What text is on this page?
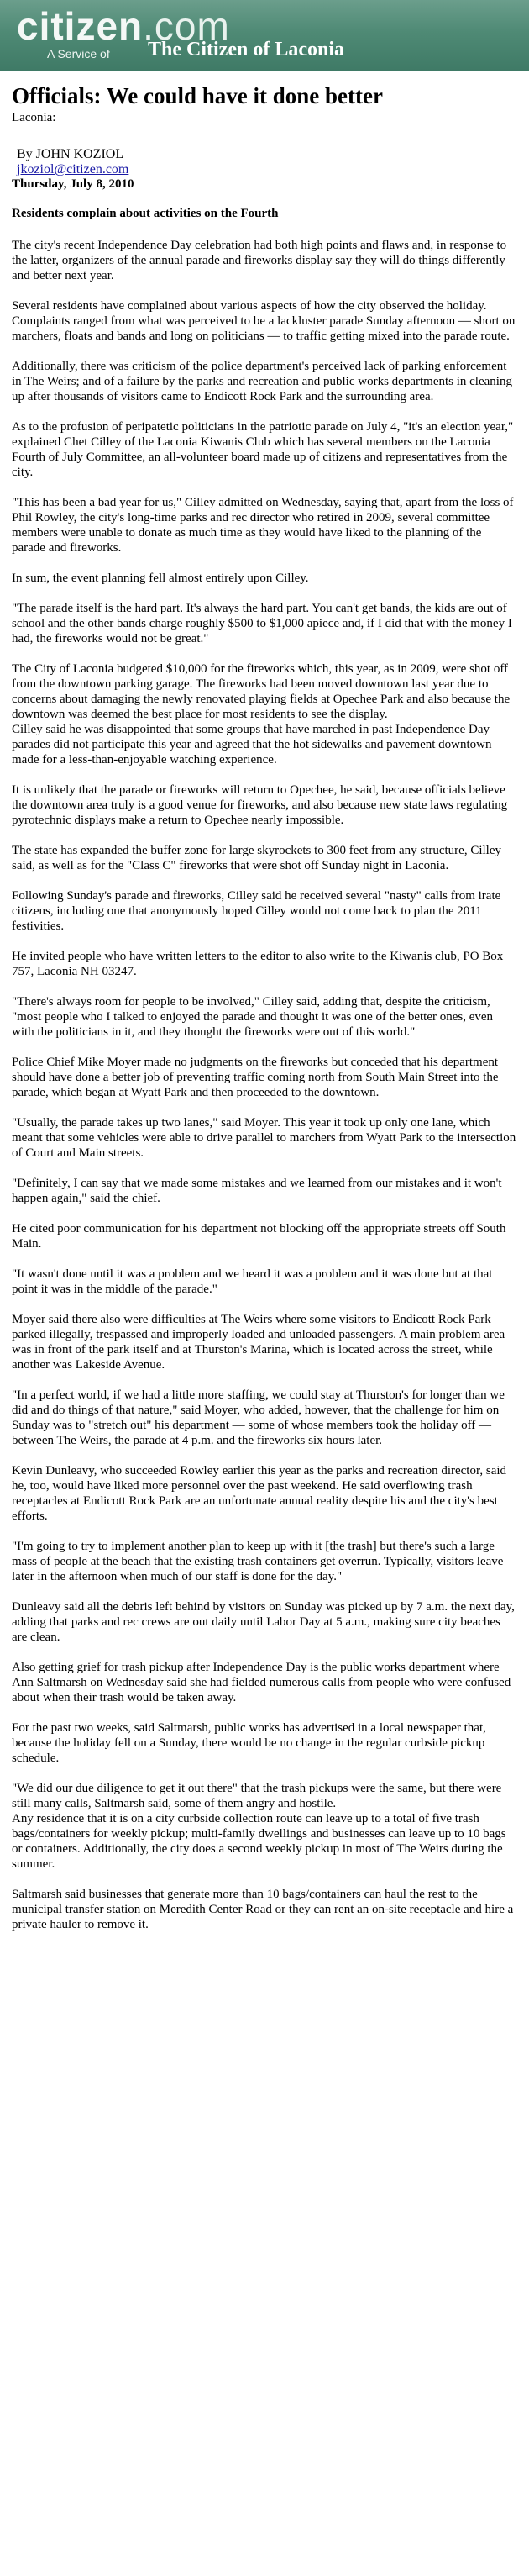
citizen.com
A Service of The Citizen of Laconia
Officials: We could have it done better
Laconia:
By JOHN KOZIOL
jkoziol@citizen.com
Thursday, July 8, 2010
Residents complain about activities on the Fourth

The city's recent Independence Day celebration had both high points and flaws and, in response to the latter, organizers of the annual parade and fireworks display say they will do things differently and better next year.

Several residents have complained about various aspects of how the city observed the holiday. Complaints ranged from what was perceived to be a lackluster parade Sunday afternoon — short on marchers, floats and bands and long on politicians — to traffic getting mixed into the parade route.

Additionally, there was criticism of the police department's perceived lack of parking enforcement in The Weirs; and of a failure by the parks and recreation and public works departments in cleaning up after thousands of visitors came to Endicott Rock Park and the surrounding area.

As to the profusion of peripatetic politicians in the patriotic parade on July 4, "it's an election year," explained Chet Cilley of the Laconia Kiwanis Club which has several members on the Laconia Fourth of July Committee, an all-volunteer board made up of citizens and representatives from the city.

"This has been a bad year for us," Cilley admitted on Wednesday, saying that, apart from the loss of Phil Rowley, the city's long-time parks and rec director who retired in 2009, several committee members were unable to donate as much time as they would have liked to the planning of the parade and fireworks.

In sum, the event planning fell almost entirely upon Cilley.

"The parade itself is the hard part. It's always the hard part. You can't get bands, the kids are out of school and the other bands charge roughly $500 to $1,000 apiece and, if I did that with the money I had, the fireworks would not be great."

The City of Laconia budgeted $10,000 for the fireworks which, this year, as in 2009, were shot off from the downtown parking garage. The fireworks had been moved downtown last year due to concerns about damaging the newly renovated playing fields at Opechee Park and also because the downtown was deemed the best place for most residents to see the display.

Cilley said he was disappointed that some groups that have marched in past Independence Day parades did not participate this year and agreed that the hot sidewalks and pavement downtown made for a less-than-enjoyable watching experience.

It is unlikely that the parade or fireworks will return to Opechee, he said, because officials believe the downtown area truly is a good venue for fireworks, and also because new state laws regulating pyrotechnic displays make a return to Opechee nearly impossible.

The state has expanded the buffer zone for large skyrockets to 300 feet from any structure, Cilley said, as well as for the "Class C" fireworks that were shot off Sunday night in Laconia.

Following Sunday's parade and fireworks, Cilley said he received several "nasty" calls from irate citizens, including one that anonymously hoped Cilley would not come back to plan the 2011 festivities.

He invited people who have written letters to the editor to also write to the Kiwanis club, PO Box 757, Laconia NH 03247.

"There's always room for people to be involved," Cilley said, adding that, despite the criticism, "most people who I talked to enjoyed the parade and thought it was one of the better ones, even with the politicians in it, and they thought the fireworks were out of this world."

Police Chief Mike Moyer made no judgments on the fireworks but conceded that his department should have done a better job of preventing traffic coming north from South Main Street into the parade, which began at Wyatt Park and then proceeded to the downtown.

"Usually, the parade takes up two lanes," said Moyer. This year it took up only one lane, which meant that some vehicles were able to drive parallel to marchers from Wyatt Park to the intersection of Court and Main streets.

"Definitely, I can say that we made some mistakes and we learned from our mistakes and it won't happen again," said the chief.

He cited poor communication for his department not blocking off the appropriate streets off South Main.

"It wasn't done until it was a problem and we heard it was a problem and it was done but at that point it was in the middle of the parade."

Moyer said there also were difficulties at The Weirs where some visitors to Endicott Rock Park parked illegally, trespassed and improperly loaded and unloaded passengers. A main problem area was in front of the park itself and at Thurston's Marina, which is located across the street, while another was Lakeside Avenue.

"In a perfect world, if we had a little more staffing, we could stay at Thurston's for longer than we did and do things of that nature," said Moyer, who added, however, that the challenge for him on Sunday was to "stretch out" his department — some of whose members took the holiday off — between The Weirs, the parade at 4 p.m. and the fireworks six hours later.

Kevin Dunleavy, who succeeded Rowley earlier this year as the parks and recreation director, said he, too, would have liked more personnel over the past weekend. He said overflowing trash receptacles at Endicott Rock Park are an unfortunate annual reality despite his and the city's best efforts.

"I'm going to try to implement another plan to keep up with it [the trash] but there's such a large mass of people at the beach that the existing trash containers get overrun. Typically, visitors leave later in the afternoon when much of our staff is done for the day."

Dunleavy said all the debris left behind by visitors on Sunday was picked up by 7 a.m. the next day, adding that parks and rec crews are out daily until Labor Day at 5 a.m., making sure city beaches are clean.

Also getting grief for trash pickup after Independence Day is the public works department where Ann Saltmarsh on Wednesday said she had fielded numerous calls from people who were confused about when their trash would be taken away.

For the past two weeks, said Saltmarsh, public works has advertised in a local newspaper that, because the holiday fell on a Sunday, there would be no change in the regular curbside pickup schedule.

"We did our due diligence to get it out there" that the trash pickups were the same, but there were still many calls, Saltmarsh said, some of them angry and hostile.

Any residence that it is on a city curbside collection route can leave up to a total of five trash bags/containers for weekly pickup; multi-family dwellings and businesses can leave up to 10 bags or containers. Additionally, the city does a second weekly pickup in most of The Weirs during the summer.

Saltmarsh said businesses that generate more than 10 bags/containers can haul the rest to the municipal transfer station on Meredith Center Road or they can rent an on-site receptacle and hire a private hauler to remove it.
